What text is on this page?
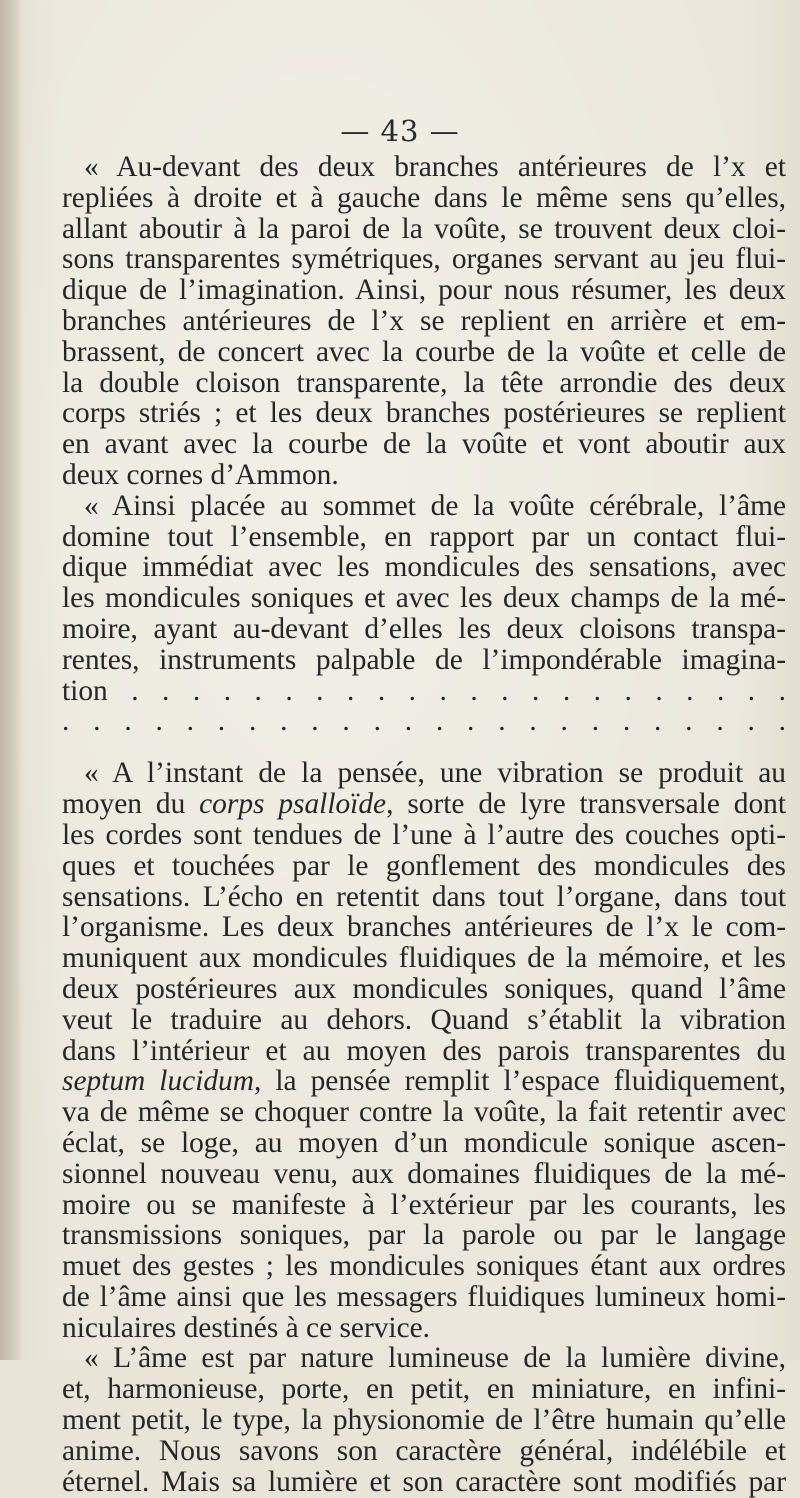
— 43 —
« Au-devant des deux branches antérieures de l’x et
repliées à droite et à gauche dans le même sens qu’elles,
allant aboutir à la paroi de la voûte, se trouvent deux cloi-
sons transparentes symétriques, organes servant au jeu flui-
dique de l’imagination. Ainsi, pour nous résumer, les deux
branches antérieures de l’x se replient en arrière et em-
brassent, de concert avec la courbe de la voûte et celle de
la double cloison transparente, la tête arrondie des deux
corps striés ; et les deux branches postérieures se replient
en avant avec la courbe de la voûte et vont aboutir aux
deux cornes d’Ammon.
« Ainsi placée au sommet de la voûte cérébrale, l’âme
domine tout l’ensemble, en rapport par un contact flui-
dique immédiat avec les mondicules des sensations, avec
les mondicules soniques et avec les deux champs de la mé-
moire, ayant au-devant d’elles les deux cloisons transpa-
rentes, instruments palpable de l’impondérable imagina-
tion . . . . . . . . . . . . . . . . . . . . . .
. . . . . . . . . . . . . . . . . . . . . . . .
« A l’instant de la pensée, une vibration se produit au
moyen du corps psalloïde, sorte de lyre transversale dont
les cordes sont tendues de l’une à l’autre des couches opti-
ques et touchées par le gonflement des mondicules des
sensations. L’écho en retentit dans tout l’organe, dans tout
l’organisme. Les deux branches antérieures de l’x le com-
muniquent aux mondicules fluidiques de la mémoire, et les
deux postérieures aux mondicules soniques, quand l’âme
veut le traduire au dehors. Quand s’établit la vibration
dans l’intérieur et au moyen des parois transparentes du
septum lucidum, la pensée remplit l’espace fluidiquement,
va de même se choquer contre la voûte, la fait retentir avec
éclat, se loge, au moyen d’un mondicule sonique ascen-
sionnel nouveau venu, aux domaines fluidiques de la mé-
moire ou se manifeste à l’extérieur par les courants, les
transmissions soniques, par la parole ou par le langage
muet des gestes ; les mondicules soniques étant aux ordres
de l’âme ainsi que les messagers fluidiques lumineux homi-
niculaires destinés à ce service.
« L’âme est par nature lumineuse de la lumière divine,
et, harmonieuse, porte, en petit, en miniature, en infini-
ment petit, le type, la physionomie de l’être humain qu’elle
anime. Nous savons son caractère général, indélébile et
éternel. Mais sa lumière et son caractère sont modifiés par
